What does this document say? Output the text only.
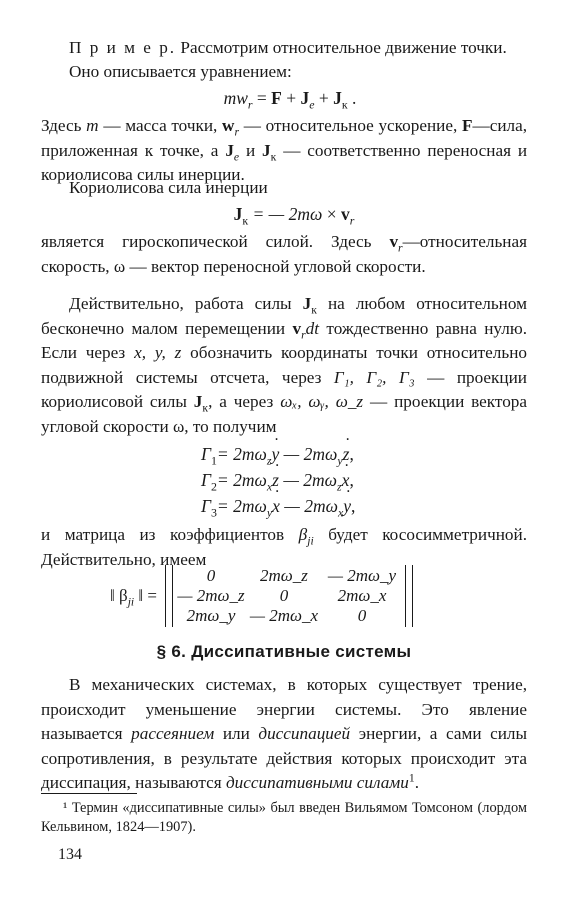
П р и м е р. Рассмотрим относительное движение точки.

Оно описывается уравнением:

$mw_r = F + J_e + J_к$ .

Здесь m — масса точки, $w_r$ — относительное ускорение, F—сила, приложенная к точке, а $J_e$ и $J_к$ — соответственно переносная и кориолисова силы инерции.

Кориолисова сила инерции

$J_к$ = — $2m\omega \times v_r$

является гироскопической силой. Здесь $v_r—относительная$ скорость, ω — вектор переносной угловой скорости.

Действительно, работа силы $J_к$ на любом относительном бесконечно малом перемещении $v_rdt$ тождественно равна нулю. Если через x, y, z обозначить координаты точки относительно подвижной системы отсчета, через Γ₁, Γ₂, Γ₃ — проекции кориолисовой силы $J_к$, а через ωₓ, ωᵧ, ω_z — проекции вектора угловой скорости ω, то получим

$\Gamma_1=$ $2m\omega_z˙$ y — $2m\omega_y˙$ z,
$\Gamma_2=$ $2m\omega_x˙$ z — $2m\omega_z˙$ x,
$\Gamma_3=$ $2m\omega_y˙$ x — $2m\omega_x˙$ y,

и матрица из коэффициентов $\beta_{ji}$ будет кососимметричной. Действительно, имеем

‖ $\beta_{ji}$ ‖ =
0	2mω_z	— 2mω_y
— 2mω_z	0	2mω_x
2mω_y — 2mω_x	0
§ 6. Диссипативные системы

В механических системах, в которых существует трение, происходит уменьшение энергии системы. Это явление называется рассеянием или диссипацией энергии, а сами силы сопротивления, в результате действия которых происходит эта диссипация, называются диссипативными силами$^1$.

¹ Термин «диссипативные силы» был введен Вильямом Томсоном (лордом Кельвином, 1824—1907).

134
